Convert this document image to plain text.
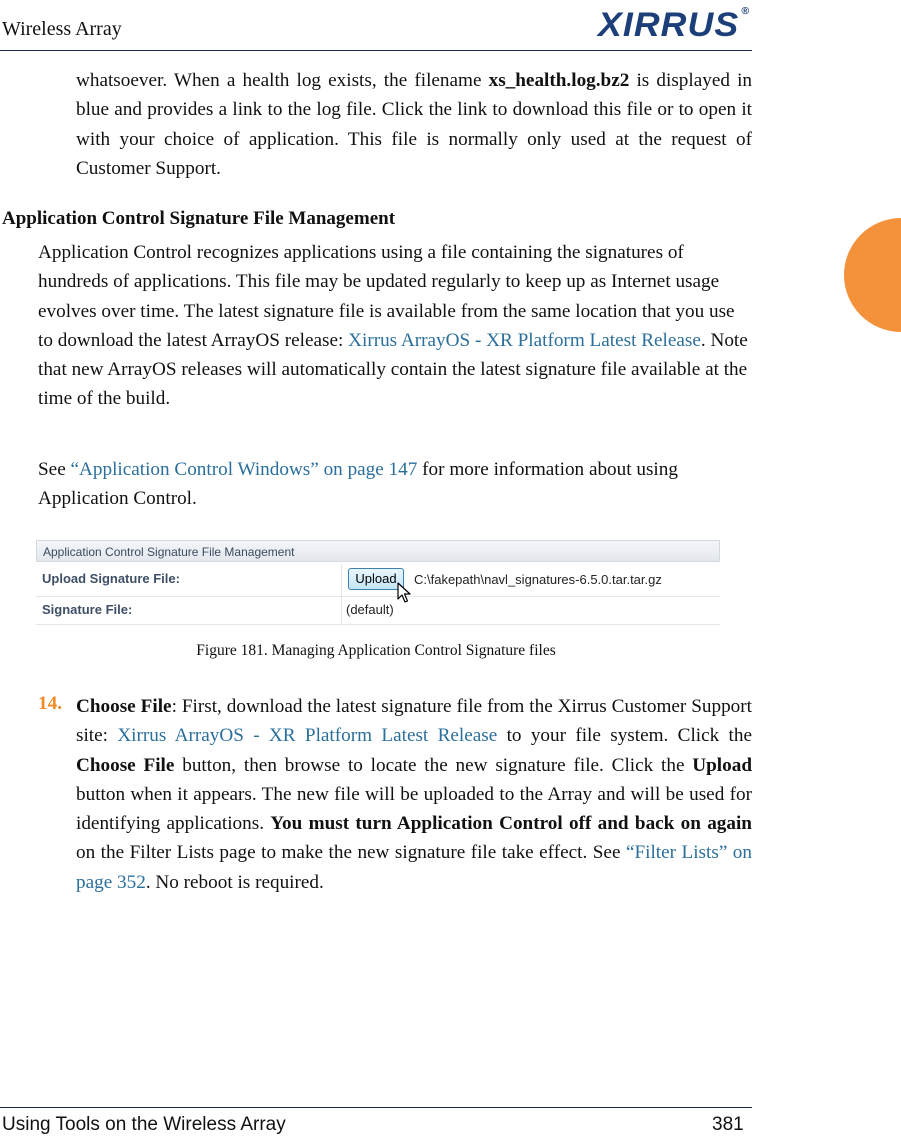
Wireless Array	XIRRUS ®

whatsoever. When a health log exists, the filename xs_health.log.bz2 is displayed in blue and provides a link to the log file. Click the link to download this file or to open it with your choice of application. This file is normally only used at the request of Customer Support.

Application Control Signature File Management

Application Control recognizes applications using a file containing the signatures of hundreds of applications. This file may be updated regularly to keep up as Internet usage evolves over time. The latest signature file is available from the same location that you use to download the latest ArrayOS release: Xirrus ArrayOS - XR Platform Latest Release. Note that new ArrayOS releases will automatically contain the latest signature file available at the time of the build.

See “Application Control Windows” on page 147 for more information about using Application Control.

Application Control Signature File Management
Upload Signature File:	Upload	C:\fakepath\navl_signatures-6.5.0.tar.tar.gz
Signature File:	(default)
Figure 181. Managing Application Control Signature files
14. Choose File: First, download the latest signature file from the Xirrus Customer Support site: Xirrus ArrayOS - XR Platform Latest Release to your file system. Click the Choose File button, then browse to locate the new signature file. Click the Upload button when it appears. The new file will be uploaded to the Array and will be used for identifying applications. You must turn Application Control off and back on again on the Filter Lists page to make the new signature file take effect. See “Filter Lists” on page 352. No reboot is required.

Using Tools on the Wireless Array	381
